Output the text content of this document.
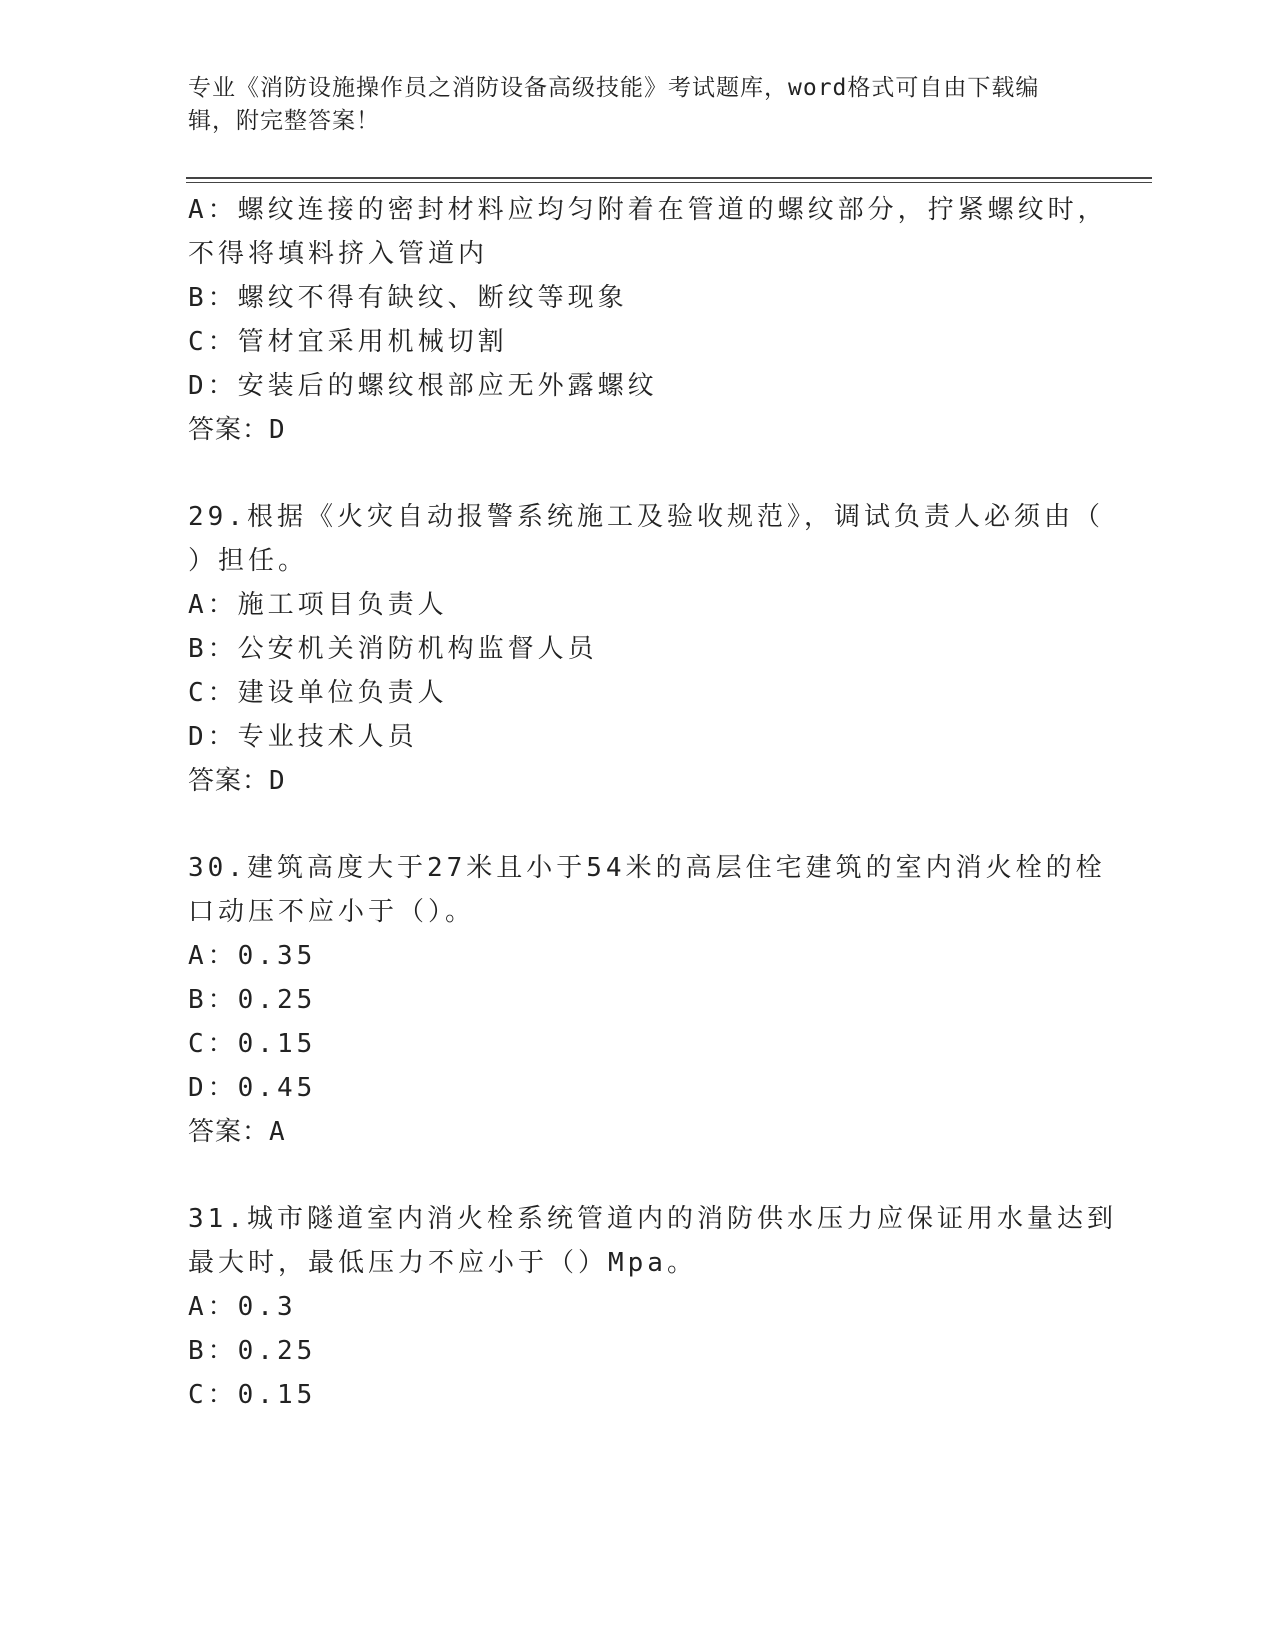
专业《消防设施操作员之消防设备高级技能》考试题库，word格式可自由下载编
辑，附完整答案！
A：螺纹连接的密封材料应均匀附着在管道的螺纹部分，拧紧螺纹时，
不得将填料挤入管道内
B：螺纹不得有缺纹、断纹等现象
C：管材宜采用机械切割
D：安装后的螺纹根部应无外露螺纹
答案：D
29.根据《火灾自动报警系统施工及验收规范》，调试负责人必须由（
）担任。
A：施工项目负责人
B：公安机关消防机构监督人员
C：建设单位负责人
D：专业技术人员
答案：D
30.建筑高度大于27米且小于54米的高层住宅建筑的室内消火栓的栓
口动压不应小于（）。
A：0.35
B：0.25
C：0.15
D：0.45
答案：A
31.城市隧道室内消火栓系统管道内的消防供水压力应保证用水量达到
最大时，最低压力不应小于（）Mpa。
A：0.3
B：0.25
C：0.15
